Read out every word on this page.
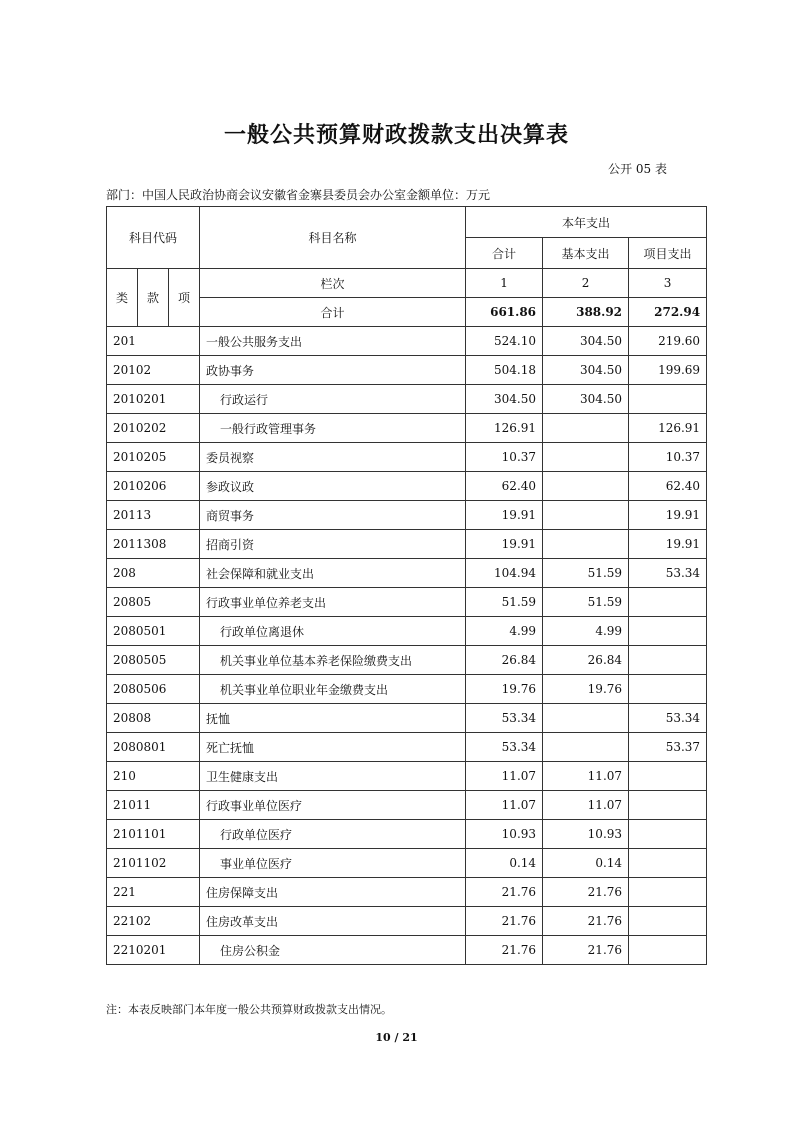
一般公共预算财政拨款支出决算表
公开 05 表
部门：中国人民政治协商会议安徽省金寨县委员会办公室金额单位：万元
科目代码			科目名称	本年支出		
				合计	基本支出	项目支出
类	款	项	栏次	1	2	3
			合计	661.86	388.92	272.94
201			一般公共服务支出	524.10	304.50	219.60
20102			政协事务	504.18	304.50	199.69
2010201			行政运行	304.50	304.50	
2010202			一般行政管理事务	126.91		126.91
2010205			委员视察	10.37		10.37
2010206			参政议政	62.40		62.40
20113			商贸事务	19.91		19.91
2011308			招商引资	19.91		19.91
208			社会保障和就业支出	104.94	51.59	53.34
20805			行政事业单位养老支出	51.59	51.59	
2080501			行政单位离退休	4.99	4.99	
2080505			机关事业单位基本养老保险缴费支出	26.84	26.84	
2080506			机关事业单位职业年金缴费支出	19.76	19.76	
20808			抚恤	53.34		53.34
2080801			死亡抚恤	53.34		53.37
210			卫生健康支出	11.07	11.07	
21011			行政事业单位医疗	11.07	11.07	
2101101			行政单位医疗	10.93	10.93	
2101102			事业单位医疗	0.14	0.14	
221			住房保障支出	21.76	21.76	
22102			住房改革支出	21.76	21.76	
2210201			住房公积金	21.76	21.76	
注：本表反映部门本年度一般公共预算财政拨款支出情况。
10 / 21
